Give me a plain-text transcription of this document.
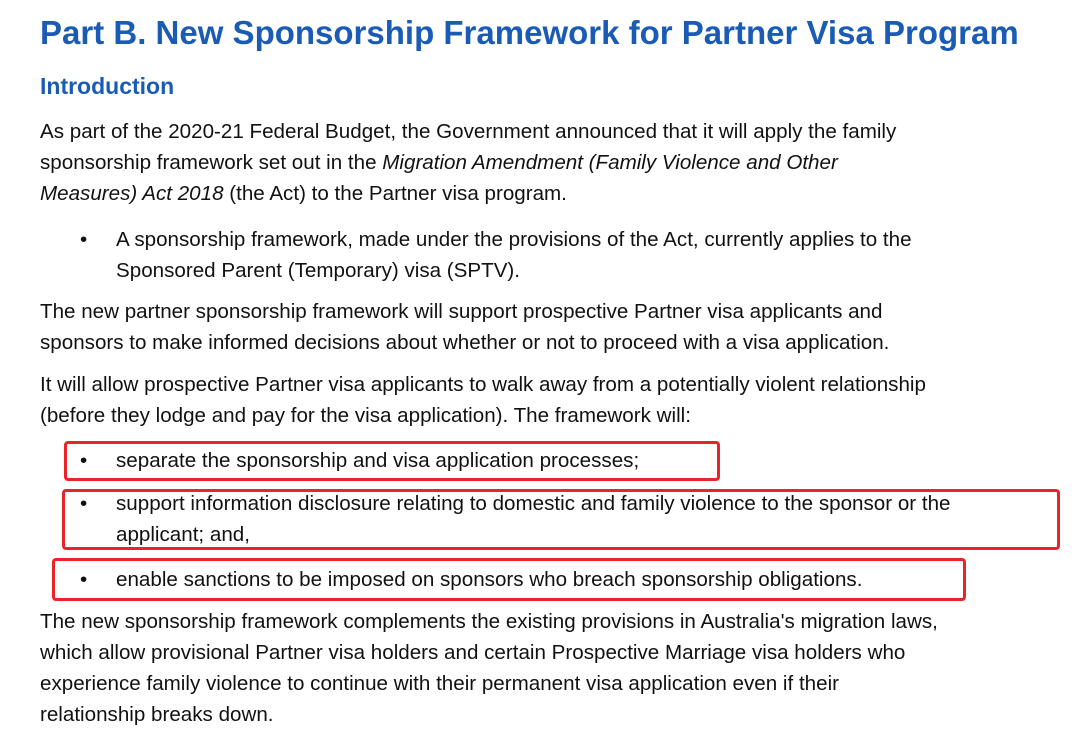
Part B. New Sponsorship Framework for Partner Visa Program
Introduction
As part of the 2020-21 Federal Budget, the Government announced that it will apply the family
sponsorship framework set out in the Migration Amendment (Family Violence and Other
Measures) Act 2018 (the Act) to the Partner visa program.
• A sponsorship framework, made under the provisions of the Act, currently applies to the
Sponsored Parent (Temporary) visa (SPTV).
The new partner sponsorship framework will support prospective Partner visa applicants and
sponsors to make informed decisions about whether or not to proceed with a visa application.
It will allow prospective Partner visa applicants to walk away from a potentially violent relationship
(before they lodge and pay for the visa application). The framework will:
• separate the sponsorship and visa application processes;
• support information disclosure relating to domestic and family violence to the sponsor or the
applicant; and,
• enable sanctions to be imposed on sponsors who breach sponsorship obligations.
The new sponsorship framework complements the existing provisions in Australia's migration laws,
which allow provisional Partner visa holders and certain Prospective Marriage visa holders who
experience family violence to continue with their permanent visa application even if their
relationship breaks down.
